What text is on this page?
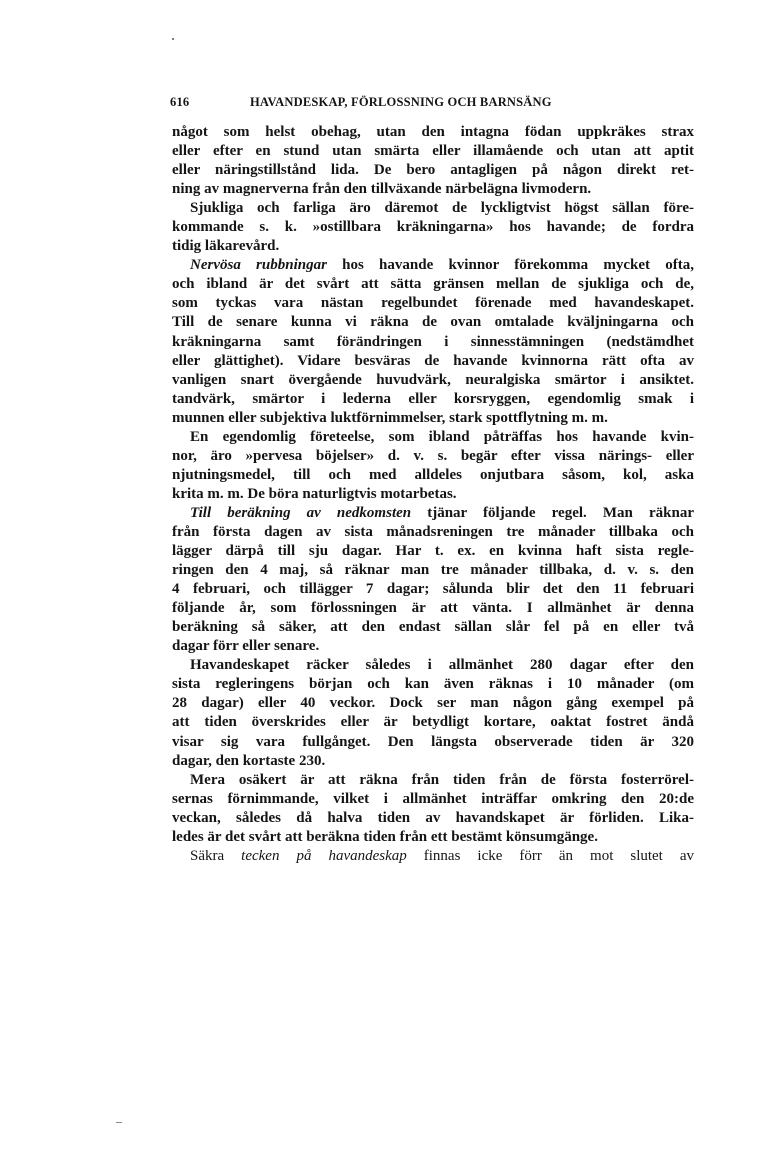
616	HAVANDESKAP, FÖRLOSSNING OCH BARNSÄNG
något som helst obehag, utan den intagna födan uppkräkes strax
eller efter en stund utan smärta eller illamående och utan att aptit
eller näringstillstånd lida. De bero antagligen på någon direkt ret-
ning av magnerverna från den tillväxande närbelägna livmodern.
Sjukliga och farliga äro däremot de lyckligtvist högst sällan före-
kommande s. k. »ostillbara kräkningarna» hos havande; de fordra
tidig läkarevård.
Nervösa rubbningar hos havande kvinnor förekomma mycket ofta,
och ibland är det svårt att sätta gränsen mellan de sjukliga och de,
som tyckas vara nästan regelbundet förenade med havandeskapet.
Till de senare kunna vi räkna de ovan omtalade kväljningarna och
kräkningarna samt förändringen i sinnesstämningen (nedstämdhet
eller glättighet). Vidare besväras de havande kvinnorna rätt ofta av
vanligen snart övergående huvudvärk, neuralgiska smärtor i ansiktet.
tandvärk, smärtor i lederna eller korsryggen, egendomlig smak i
munnen eller subjektiva luktförnimmelser, stark spottflytning m. m.
En egendomlig företeelse, som ibland påträffas hos havande kvin-
nor, äro »pervesa böjelser» d. v. s. begär efter vissa närings- eller
njutningsmedel, till och med alldeles onjutbara såsom, kol, aska
krita m. m. De böra naturligtvis motarbetas.
Till beräkning av nedkomsten tjänar följande regel. Man räknar
från första dagen av sista månadsreningen tre månader tillbaka och
lägger därpå till sju dagar. Har t. ex. en kvinna haft sista regle-
ringen den 4 maj, så räknar man tre månader tillbaka, d. v. s. den
4 februari, och tillägger 7 dagar; sålunda blir det den 11 februari
följande år, som förlossningen är att vänta. I allmänhet är denna
beräkning så säker, att den endast sällan slår fel på en eller två
dagar förr eller senare.
Havandeskapet räcker således i allmänhet 280 dagar efter den
sista regleringens början och kan även räknas i 10 månader (om
28 dagar) eller 40 veckor. Dock ser man någon gång exempel på
att tiden överskrides eller är betydligt kortare, oaktat fostret ändå
visar sig vara fullgånget. Den längsta observerade tiden är 320
dagar, den kortaste 230.
Mera osäkert är att räkna från tiden från de första fosterrörel-
sernas förnimmande, vilket i allmänhet inträffar omkring den 20:de
veckan, således då halva tiden av havandskapet är förliden. Lika-
ledes är det svårt att beräkna tiden från ett bestämt könsumgänge.
Säkra tecken på havandeskap finnas icke förr än mot slutet av
